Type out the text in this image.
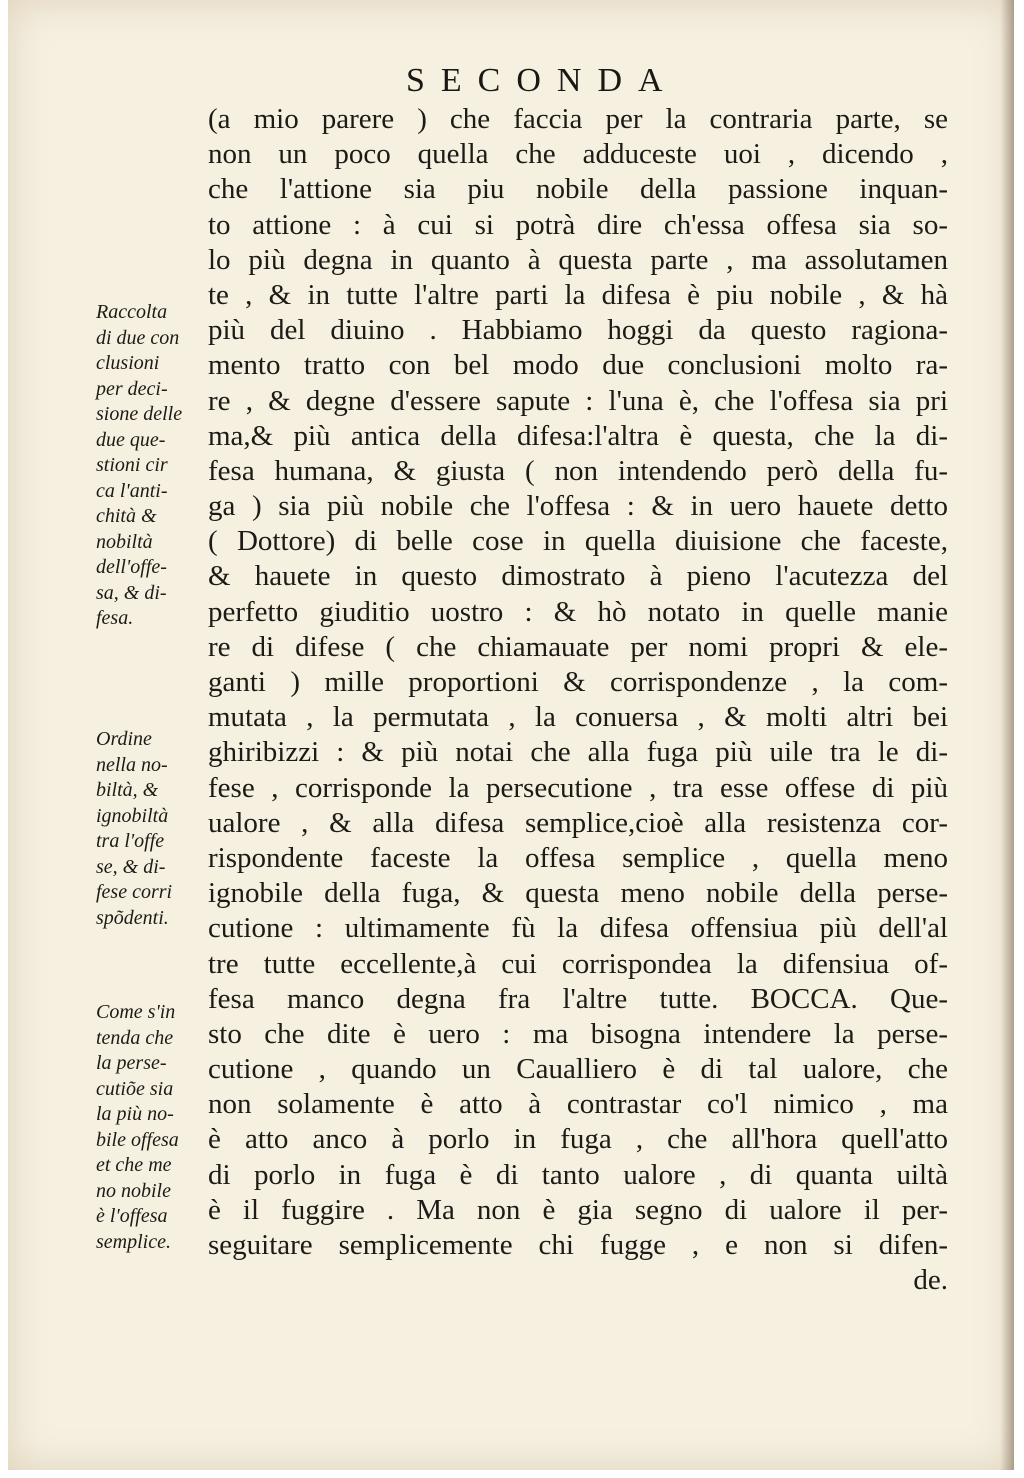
SECONDA
(a mio parere ) che faccia per la contraria parte, se
non un poco quella che adduceste uoi , dicendo ,
che l'attione sia piu nobile della passione inquan-
to attione : à cui si potrà dire ch'essa offesa sia so-
lo più degna in quanto à questa parte , ma assolutamen
te , & in tutte l'altre parti la difesa è piu nobile , & hà
più del diuino . Habbiamo hoggi da questo ragiona-
mento tratto con bel modo due conclusioni molto ra-
re , & degne d'essere sapute : l'una è, che l'offesa sia pri
ma,& più antica della difesa:l'altra è questa, che la di-
fesa humana, & giusta ( non intendendo però della fu-
ga ) sia più nobile che l'offesa : & in uero hauete detto
( Dottore) di belle cose in quella diuisione che faceste,
& hauete in questo dimostrato à pieno l'acutezza del
perfetto giuditio uostro : & hò notato in quelle manie
re di difese ( che chiamauate per nomi propri & ele-
ganti ) mille proportioni & corrispondenze , la com-
mutata , la permutata , la conuersa , & molti altri bei
ghiribizzi : & più notai che alla fuga più uile tra le di-
fese , corrisponde la persecutione , tra esse offese di più
ualore , & alla difesa semplice,cioè alla resistenza cor-
rispondente faceste la offesa semplice , quella meno
ignobile della fuga, & questa meno nobile della perse-
cutione : ultimamente fù la difesa offensiua più dell'al
tre tutte eccellente,à cui corrispondea la difensiua of-
fesa manco degna fra l'altre tutte. BOCCA. Que-
sto che dite è uero : ma bisogna intendere la perse-
cutione , quando un Caualliero è di tal ualore, che
non solamente è atto à contrastar co'l nimico , ma
è atto anco à porlo in fuga , che all'hora quell'atto
di porlo in fuga è di tanto ualore , di quanta uiltà
è il fuggire . Ma non è gia segno di ualore il per-
seguitare semplicemente chi fugge , e non si difen-
de.
Raccolta
di due con
clusioni
per deci-
sione delle
due que-
stioni cir
ca l'anti-
chità &
nobiltà
dell'offe-
sa, & di-
fesa.
Ordine
nella no-
biltà, &
ignobiltà
tra l'offe
se, & di-
fese corri
spõdenti.
Come s'in
tenda che
la perse-
cutiõe sia
la più no-
bile offesa
et che me
no nobile
è l'offesa
semplice.
